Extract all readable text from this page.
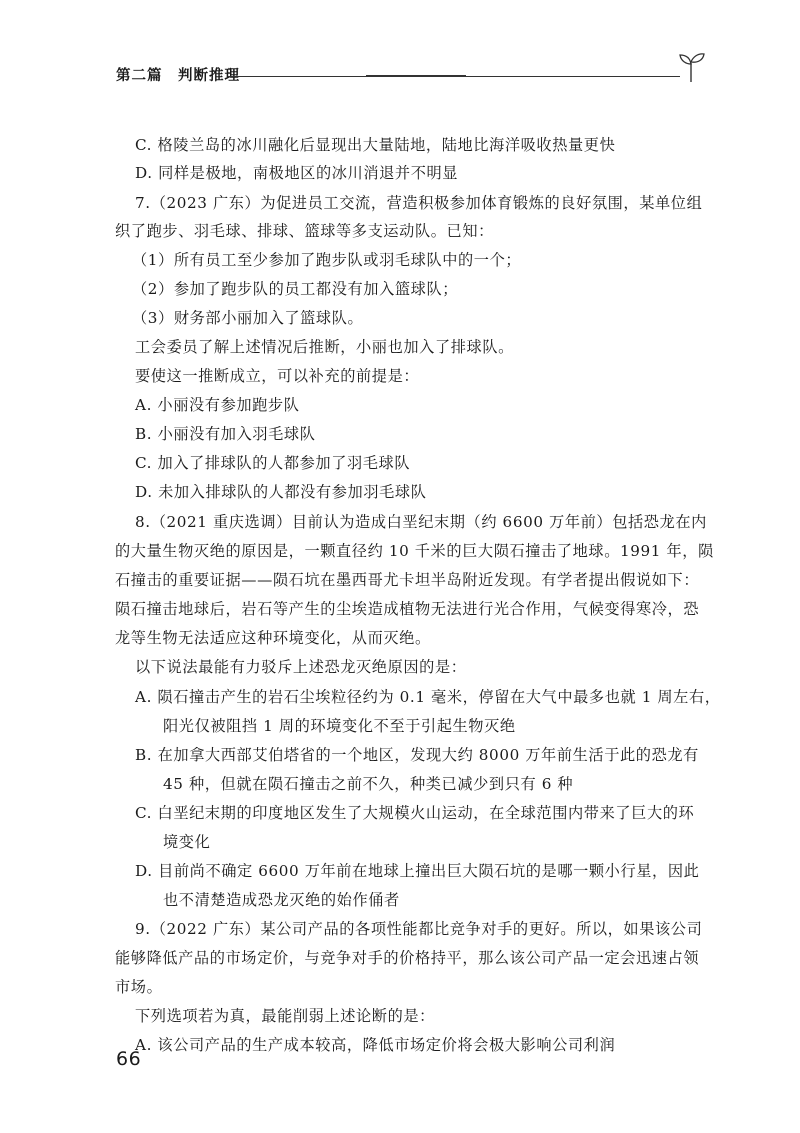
第二篇　判断推理
C. 格陵兰岛的冰川融化后显现出大量陆地，陆地比海洋吸收热量更快
D. 同样是极地，南极地区的冰川消退并不明显
7.（2023 广东）为促进员工交流，营造积极参加体育锻炼的良好氛围，某单位组
织了跑步、羽毛球、排球、篮球等多支运动队。已知：
（1）所有员工至少参加了跑步队或羽毛球队中的一个；
（2）参加了跑步队的员工都没有加入篮球队；
（3）财务部小丽加入了篮球队。
工会委员了解上述情况后推断，小丽也加入了排球队。
要使这一推断成立，可以补充的前提是：
A. 小丽没有参加跑步队
B. 小丽没有加入羽毛球队
C. 加入了排球队的人都参加了羽毛球队
D. 未加入排球队的人都没有参加羽毛球队
8.（2021 重庆选调）目前认为造成白垩纪末期（约 6600 万年前）包括恐龙在内
的大量生物灭绝的原因是，一颗直径约 10 千米的巨大陨石撞击了地球。1991 年，陨
石撞击的重要证据——陨石坑在墨西哥尤卡坦半岛附近发现。有学者提出假说如下：
陨石撞击地球后，岩石等产生的尘埃造成植物无法进行光合作用，气候变得寒冷，恐
龙等生物无法适应这种环境变化，从而灭绝。
以下说法最能有力驳斥上述恐龙灭绝原因的是：
A. 陨石撞击产生的岩石尘埃粒径约为 0.1 毫米，停留在大气中最多也就 1 周左右，
阳光仅被阻挡 1 周的环境变化不至于引起生物灭绝
B. 在加拿大西部艾伯塔省的一个地区，发现大约 8000 万年前生活于此的恐龙有
45 种，但就在陨石撞击之前不久，种类已减少到只有 6 种
C. 白垩纪末期的印度地区发生了大规模火山运动，在全球范围内带来了巨大的环
境变化
D. 目前尚不确定 6600 万年前在地球上撞出巨大陨石坑的是哪一颗小行星，因此
也不清楚造成恐龙灭绝的始作俑者
9.（2022 广东）某公司产品的各项性能都比竞争对手的更好。所以，如果该公司
能够降低产品的市场定价，与竞争对手的价格持平，那么该公司产品一定会迅速占领
市场。
下列选项若为真，最能削弱上述论断的是：
A. 该公司产品的生产成本较高，降低市场定价将会极大影响公司利润
66
